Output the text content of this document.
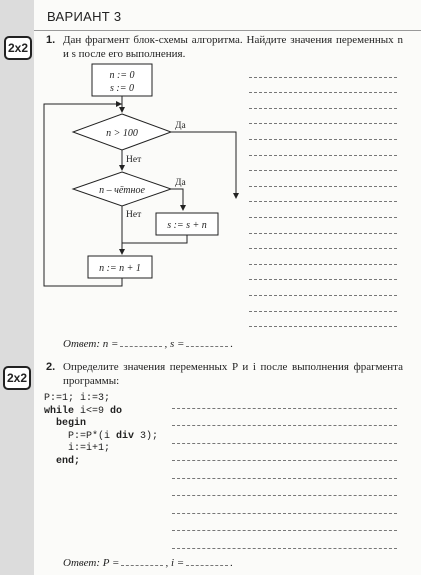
ВАРИАНТ 3
2x2
1. Дан фрагмент блок-схемы алгоритма. Найдите значения переменных n и s после его выполнения.
n := 0
s := 0
n > 100
n – чётное
s := s + n
n := n + 1
Да
Нет
Да
Нет
Ответ: n =	, s =	.
2x2
2. Определите значения переменных P и i после выполнения фрагмента программы:
P:=1; i:=3;
while i<=9 do
begin
P:=P*(i div 3);
i:=i+1;
end;
Ответ: P =	, i =	.
